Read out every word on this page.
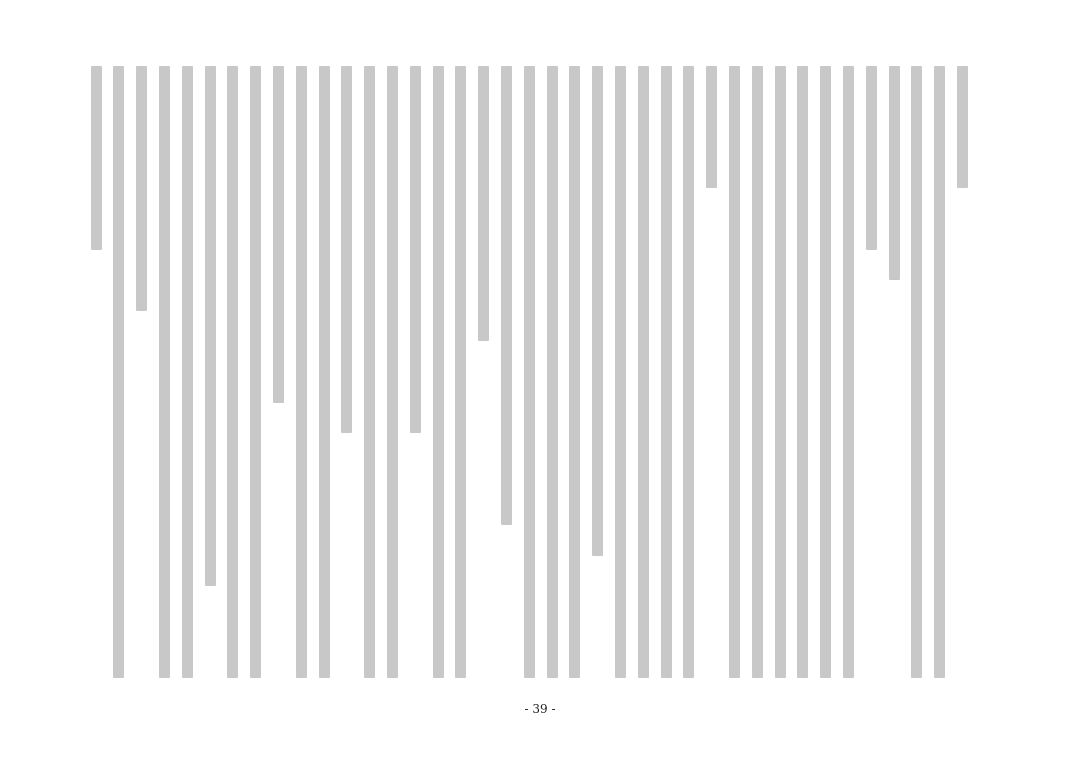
- 39 -
